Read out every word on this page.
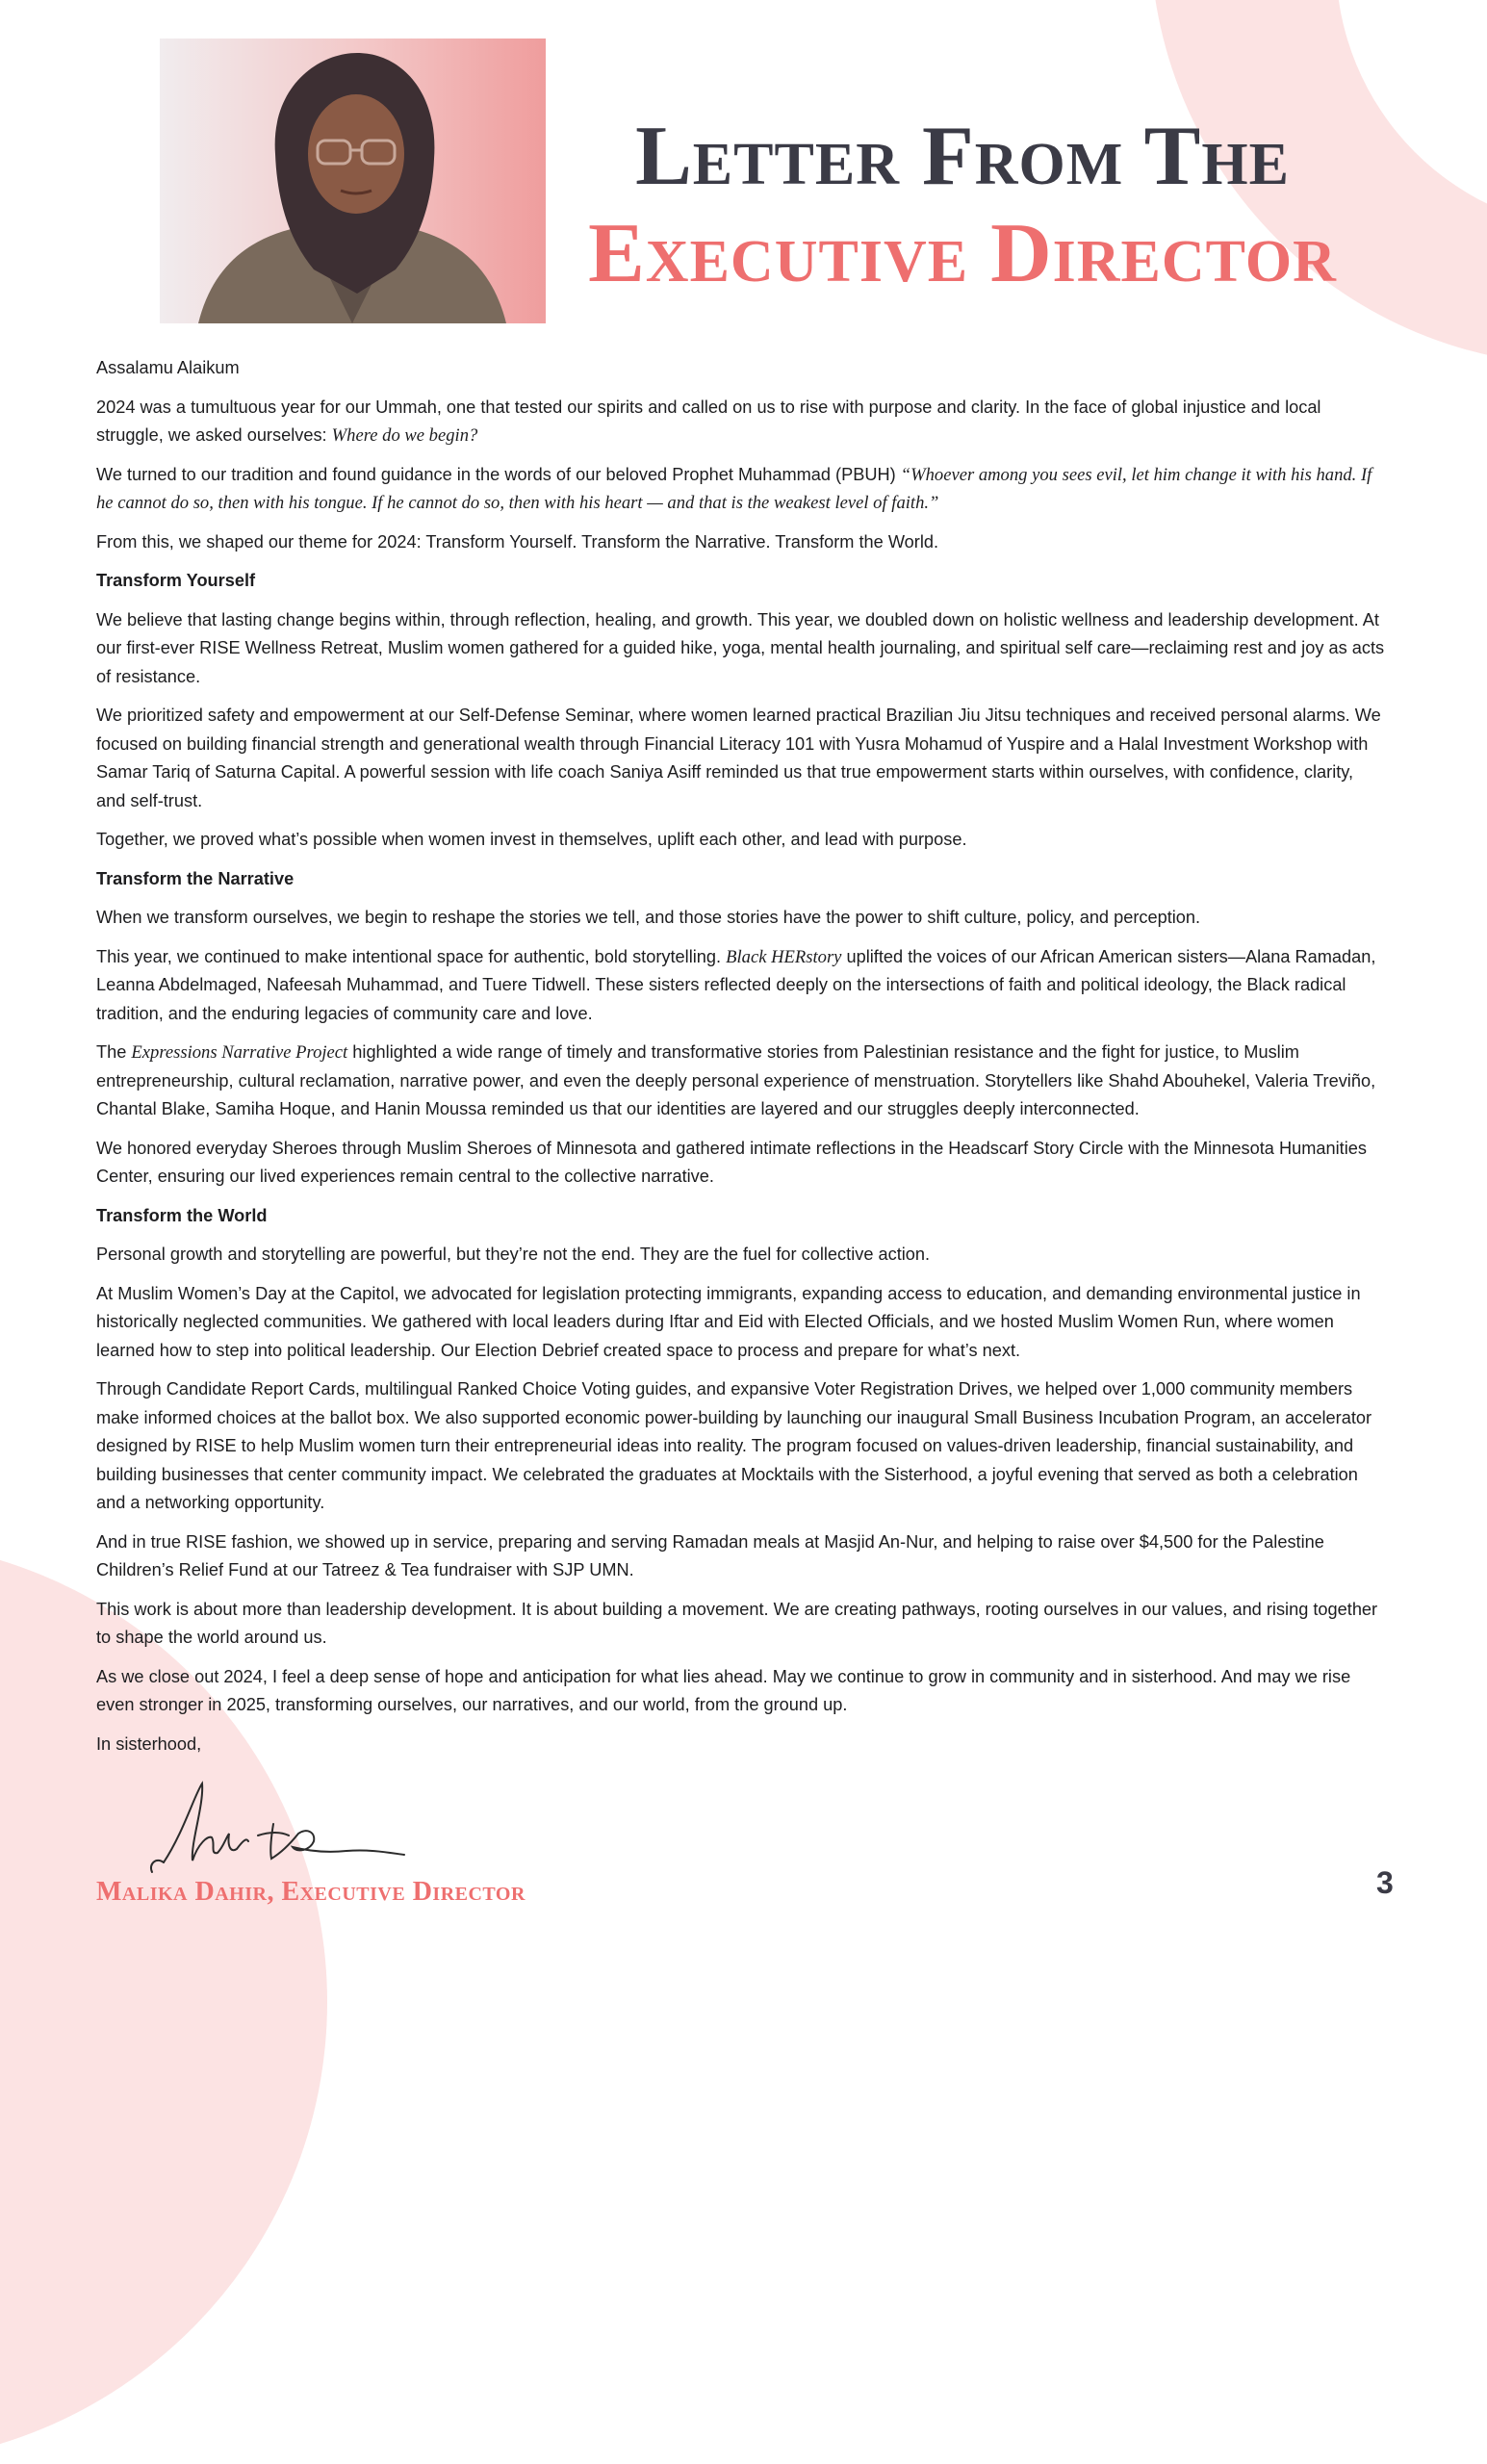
Letter From The
Executive Director

Assalamu Alaikum

2024 was a tumultuous year for our Ummah, one that tested our spirits and called on us to rise with purpose and clarity. In the face of global injustice and local struggle, we asked ourselves: Where do we begin?

We turned to our tradition and found guidance in the words of our beloved Prophet Muhammad (PBUH) “Whoever among you sees evil, let him change it with his hand. If he cannot do so, then with his tongue. If he cannot do so, then with his heart — and that is the weakest level of faith.”

From this, we shaped our theme for 2024: Transform Yourself. Transform the Narrative. Transform the World.

Transform Yourself

We believe that lasting change begins within, through reflection, healing, and growth. This year, we doubled down on holistic wellness and leadership development. At our first-ever RISE Wellness Retreat, Muslim women gathered for a guided hike, yoga, mental health journaling, and spiritual self care—reclaiming rest and joy as acts of resistance.

We prioritized safety and empowerment at our Self-Defense Seminar, where women learned practical Brazilian Jiu Jitsu techniques and received personal alarms. We focused on building financial strength and generational wealth through Financial Literacy 101 with Yusra Mohamud of Yuspire and a Halal Investment Workshop with Samar Tariq of Saturna Capital. A powerful session with life coach Saniya Asiff reminded us that true empowerment starts within ourselves, with confidence, clarity, and self-trust.

Together, we proved what’s possible when women invest in themselves, uplift each other, and lead with purpose.

Transform the Narrative

When we transform ourselves, we begin to reshape the stories we tell, and those stories have the power to shift culture, policy, and perception.

This year, we continued to make intentional space for authentic, bold storytelling. Black HERstory uplifted the voices of our African American sisters—Alana Ramadan, Leanna Abdelmaged, Nafeesah Muhammad, and Tuere Tidwell. These sisters reflected deeply on the intersections of faith and political ideology, the Black radical tradition, and the enduring legacies of community care and love.

The Expressions Narrative Project highlighted a wide range of timely and transformative stories from Palestinian resistance and the fight for justice, to Muslim entrepreneurship, cultural reclamation, narrative power, and even the deeply personal experience of menstruation. Storytellers like Shahd Abouhekel, Valeria Treviño, Chantal Blake, Samiha Hoque, and Hanin Moussa reminded us that our identities are layered and our struggles deeply interconnected.

We honored everyday Sheroes through Muslim Sheroes of Minnesota and gathered intimate reflections in the Headscarf Story Circle with the Minnesota Humanities Center, ensuring our lived experiences remain central to the collective narrative.

Transform the World

Personal growth and storytelling are powerful, but they’re not the end. They are the fuel for collective action.

At Muslim Women’s Day at the Capitol, we advocated for legislation protecting immigrants, expanding access to education, and demanding environmental justice in historically neglected communities. We gathered with local leaders during Iftar and Eid with Elected Officials, and we hosted Muslim Women Run, where women learned how to step into political leadership. Our Election Debrief created space to process and prepare for what’s next.

Through Candidate Report Cards, multilingual Ranked Choice Voting guides, and expansive Voter Registration Drives, we helped over 1,000 community members make informed choices at the ballot box. We also supported economic power-building by launching our inaugural Small Business Incubation Program, an accelerator designed by RISE to help Muslim women turn their entrepreneurial ideas into reality. The program focused on values-driven leadership, financial sustainability, and building businesses that center community impact. We celebrated the graduates at Mocktails with the Sisterhood, a joyful evening that served as both a celebration and a networking opportunity.

And in true RISE fashion, we showed up in service, preparing and serving Ramadan meals at Masjid An-Nur, and helping to raise over $4,500 for the Palestine Children’s Relief Fund at our Tatreez & Tea fundraiser with SJP UMN.

This work is about more than leadership development. It is about building a movement. We are creating pathways, rooting ourselves in our values, and rising together to shape the world around us.

As we close out 2024, I feel a deep sense of hope and anticipation for what lies ahead. May we continue to grow in community and in sisterhood. And may we rise even stronger in 2025, transforming ourselves, our narratives, and our world, from the ground up.

In sisterhood,

Malika Dahir, Executive Director	3
